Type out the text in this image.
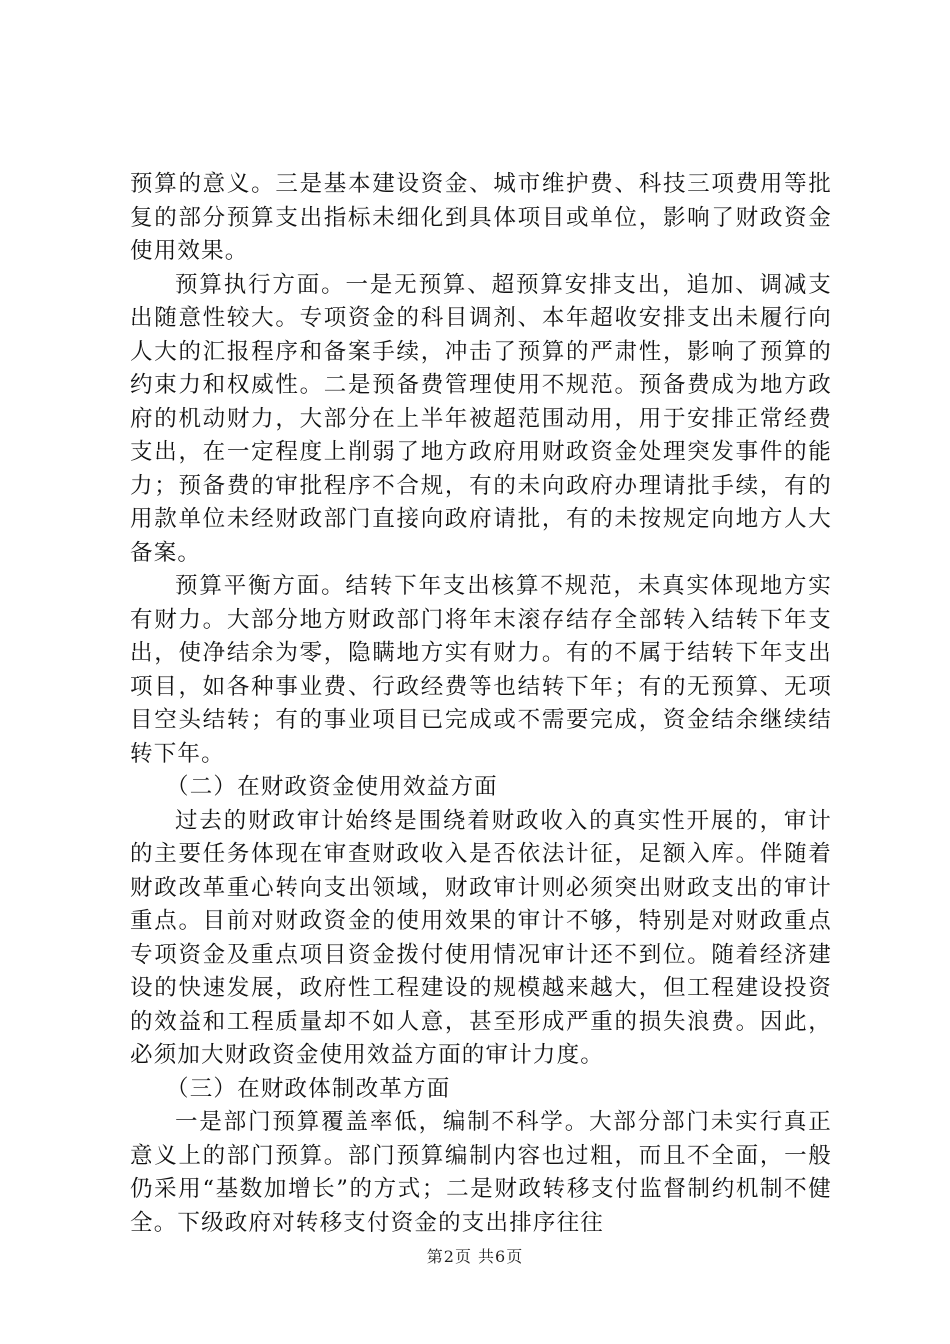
预算的意义。三是基本建设资金、城市维护费、科技三项费用等批复的部分预算支出指标未细化到具体项目或单位，影响了财政资金使用效果。

预算执行方面。一是无预算、超预算安排支出，追加、调减支出随意性较大。专项资金的科目调剂、本年超收安排支出未履行向人大的汇报程序和备案手续，冲击了预算的严肃性，影响了预算的约束力和权威性。二是预备费管理使用不规范。预备费成为地方政府的机动财力，大部分在上半年被超范围动用，用于安排正常经费支出，在一定程度上削弱了地方政府用财政资金处理突发事件的能力；预备费的审批程序不合规，有的未向政府办理请批手续，有的用款单位未经财政部门直接向政府请批，有的未按规定向地方人大备案。

预算平衡方面。结转下年支出核算不规范，未真实体现地方实有财力。大部分地方财政部门将年末滚存结存全部转入结转下年支出，使净结余为零，隐瞒地方实有财力。有的不属于结转下年支出项目，如各种事业费、行政经费等也结转下年；有的无预算、无项目空头结转；有的事业项目已完成或不需要完成，资金结余继续结转下年。

（二）在财政资金使用效益方面

过去的财政审计始终是围绕着财政收入的真实性开展的，审计的主要任务体现在审查财政收入是否依法计征，足额入库。伴随着财政改革重心转向支出领域，财政审计则必须突出财政支出的审计重点。目前对财政资金的使用效果的审计不够，特别是对财政重点专项资金及重点项目资金拨付使用情况审计还不到位。随着经济建设的快速发展，政府性工程建设的规模越来越大，但工程建设投资的效益和工程质量却不如人意，甚至形成严重的损失浪费。因此，必须加大财政资金使用效益方面的审计力度。

（三）在财政体制改革方面

一是部门预算覆盖率低，编制不科学。大部分部门未实行真正意义上的部门预算。部门预算编制内容也过粗，而且不全面，一般仍采用“基数加增长”的方式；二是财政转移支付监督制约机制不健全。下级政府对转移支付资金的支出排序往往

第2页 共6页
